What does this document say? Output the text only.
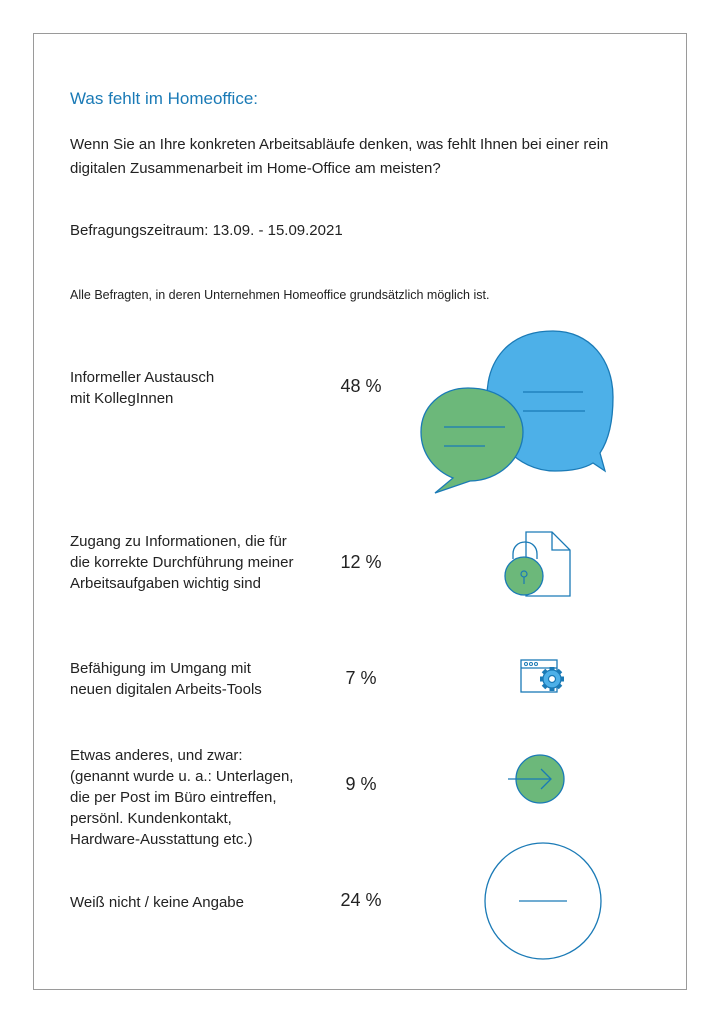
Was fehlt im Homeoffice:
Wenn Sie an Ihre konkreten Arbeitsabläufe denken, was fehlt Ihnen bei einer rein digitalen Zusammenarbeit im Home-Office am meisten?
Befragungszeitraum: 13.09. - 15.09.2021
Alle Befragten, in deren Unternehmen Homeoffice grundsätzlich möglich ist.
Informeller Austausch
mit KollegInnen
48 %
Zugang zu Informationen, die für
die korrekte Durchführung meiner
Arbeitsaufgaben wichtig sind
12 %
Befähigung im Umgang mit
neuen digitalen Arbeits-Tools
7 %
Etwas anderes, und zwar:
(genannt wurde u. a.: Unterlagen,
die per Post im Büro eintreffen,
persönl. Kundenkontakt,
Hardware-Ausstattung etc.)
9 %
Weiß nicht / keine Angabe	24 %
